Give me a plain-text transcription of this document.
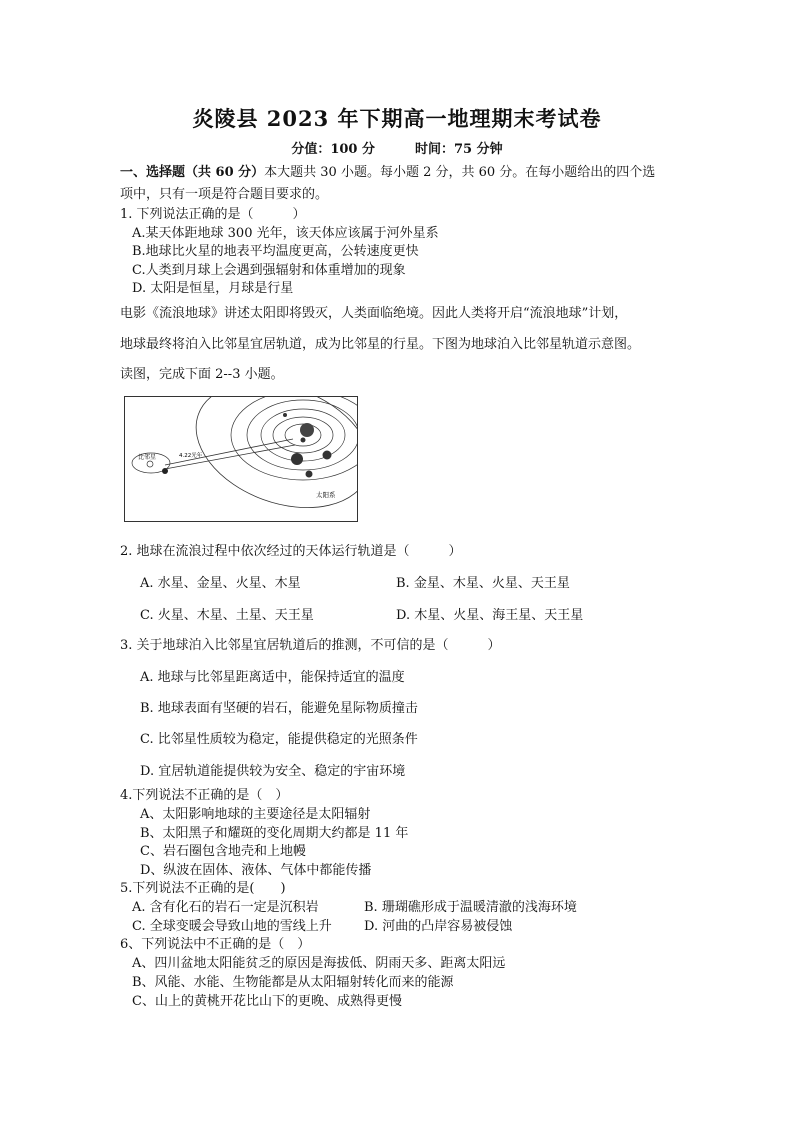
炎陵县 2023 年下期高一地理期末考试卷
分值：100 分	时间：75 分钟
一、选择题（共 60 分）本大题共 30 小题。每小题 2 分，共 60 分。在每小题给出的四个选
项中，只有一项是符合题目要求的。
1. 下列说法正确的是（　　　）
A.某天体距地球 300 光年，该天体应该属于河外星系
B.地球比火星的地表平均温度更高，公转速度更快
C.人类到月球上会遇到强辐射和体重增加的现象
D. 太阳是恒星，月球是行星
电影《流浪地球》讲述太阳即将毁灭，人类面临绝境。因此人类将开启“流浪地球”计划，
地球最终将泊入比邻星宜居轨道，成为比邻星的行星。下图为地球泊入比邻星轨道示意图。
读图，完成下面 2--3 小题。
比邻星	4.22光年
太阳系
2. 地球在流浪过程中依次经过的天体运行轨道是（　　　）
A. 水星、金星、火星、木星	B. 金星、木星、火星、天王星
C. 火星、木星、土星、天王星	D. 木星、火星、海王星、天王星
3. 关于地球泊入比邻星宜居轨道后的推测，不可信的是（　　　）
A. 地球与比邻星距离适中，能保持适宜的温度
B. 地球表面有坚硬的岩石，能避免星际物质撞击
C. 比邻星性质较为稳定，能提供稳定的光照条件
D. 宜居轨道能提供较为安全、稳定的宇宙环境
4.下列说法不正确的是（　）
A、太阳影响地球的主要途径是太阳辐射
B、太阳黑子和耀斑的变化周期大约都是 11 年
C、岩石圈包含地壳和上地幔
D、纵波在固体、液体、气体中都能传播
5.下列说法不正确的是(　　)
A. 含有化石的岩石一定是沉积岩	B. 珊瑚礁形成于温暖清澈的浅海环境
C. 全球变暖会导致山地的雪线上升 D. 河曲的凸岸容易被侵蚀
6、下列说法中不正确的是（　）
A、四川盆地太阳能贫乏的原因是海拔低、阴雨天多、距离太阳远
B、风能、水能、生物能都是从太阳辐射转化而来的能源
C、山上的黄桃开花比山下的更晚、成熟得更慢
